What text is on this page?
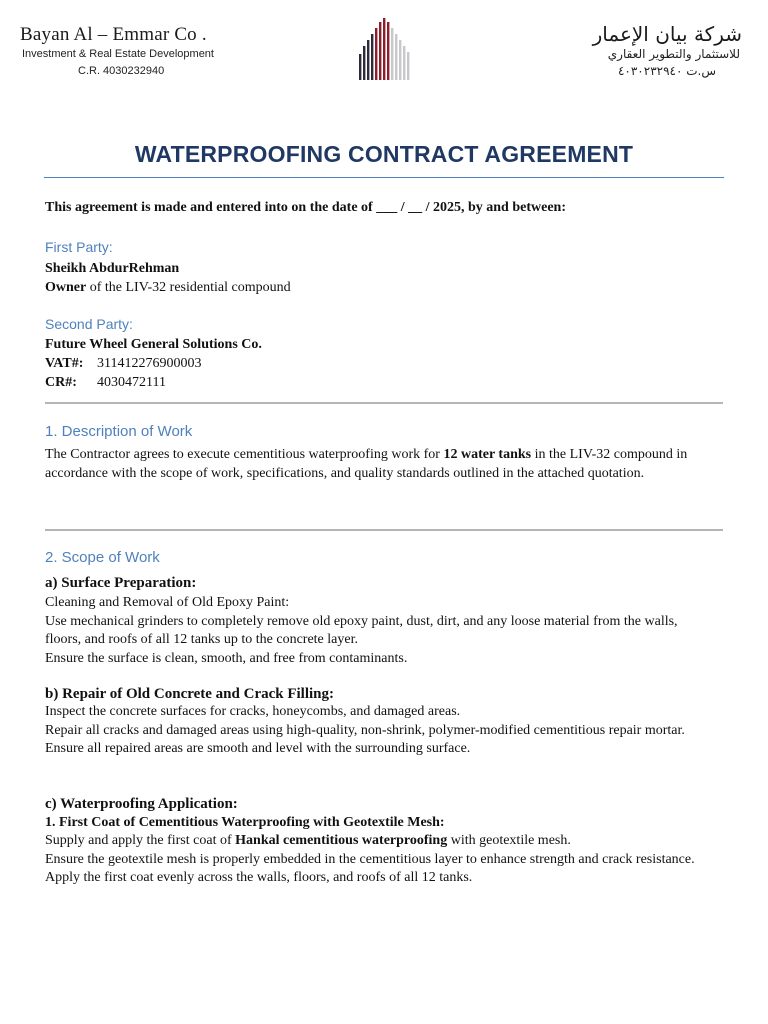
Bayan Al – Emmar Co .
Investment & Real Estate Development
C.R. 4030232940
شركة بيان الإعمار
للاستثمار والتطوير العقاري
س.ت ٤٠٣٠٢٣٢٩٤٠
WATERPROOFING CONTRACT AGREEMENT
This agreement is made and entered into on the date of ___ / __ / 2025, by and between:
First Party:
Sheikh AbdurRehman
Owner of the LIV-32 residential compound
Second Party:
Future Wheel General Solutions Co.
VAT#: 311412276900003
CR#: 4030472111
1. Description of Work
The Contractor agrees to execute cementitious waterproofing work for 12 water tanks in the LIV-32 compound in accordance with the scope of work, specifications, and quality standards outlined in the attached quotation.
2. Scope of Work
a) Surface Preparation:
Cleaning and Removal of Old Epoxy Paint:
Use mechanical grinders to completely remove old epoxy paint, dust, dirt, and any loose material from the walls, floors, and roofs of all 12 tanks up to the concrete layer.
Ensure the surface is clean, smooth, and free from contaminants.
b) Repair of Old Concrete and Crack Filling:
Inspect the concrete surfaces for cracks, honeycombs, and damaged areas.
Repair all cracks and damaged areas using high-quality, non-shrink, polymer-modified cementitious repair mortar.
Ensure all repaired areas are smooth and level with the surrounding surface.
c) Waterproofing Application:
1. First Coat of Cementitious Waterproofing with Geotextile Mesh:
Supply and apply the first coat of Hankal cementitious waterproofing with geotextile mesh.
Ensure the geotextile mesh is properly embedded in the cementitious layer to enhance strength and crack resistance. Apply the first coat evenly across the walls, floors, and roofs of all 12 tanks.
